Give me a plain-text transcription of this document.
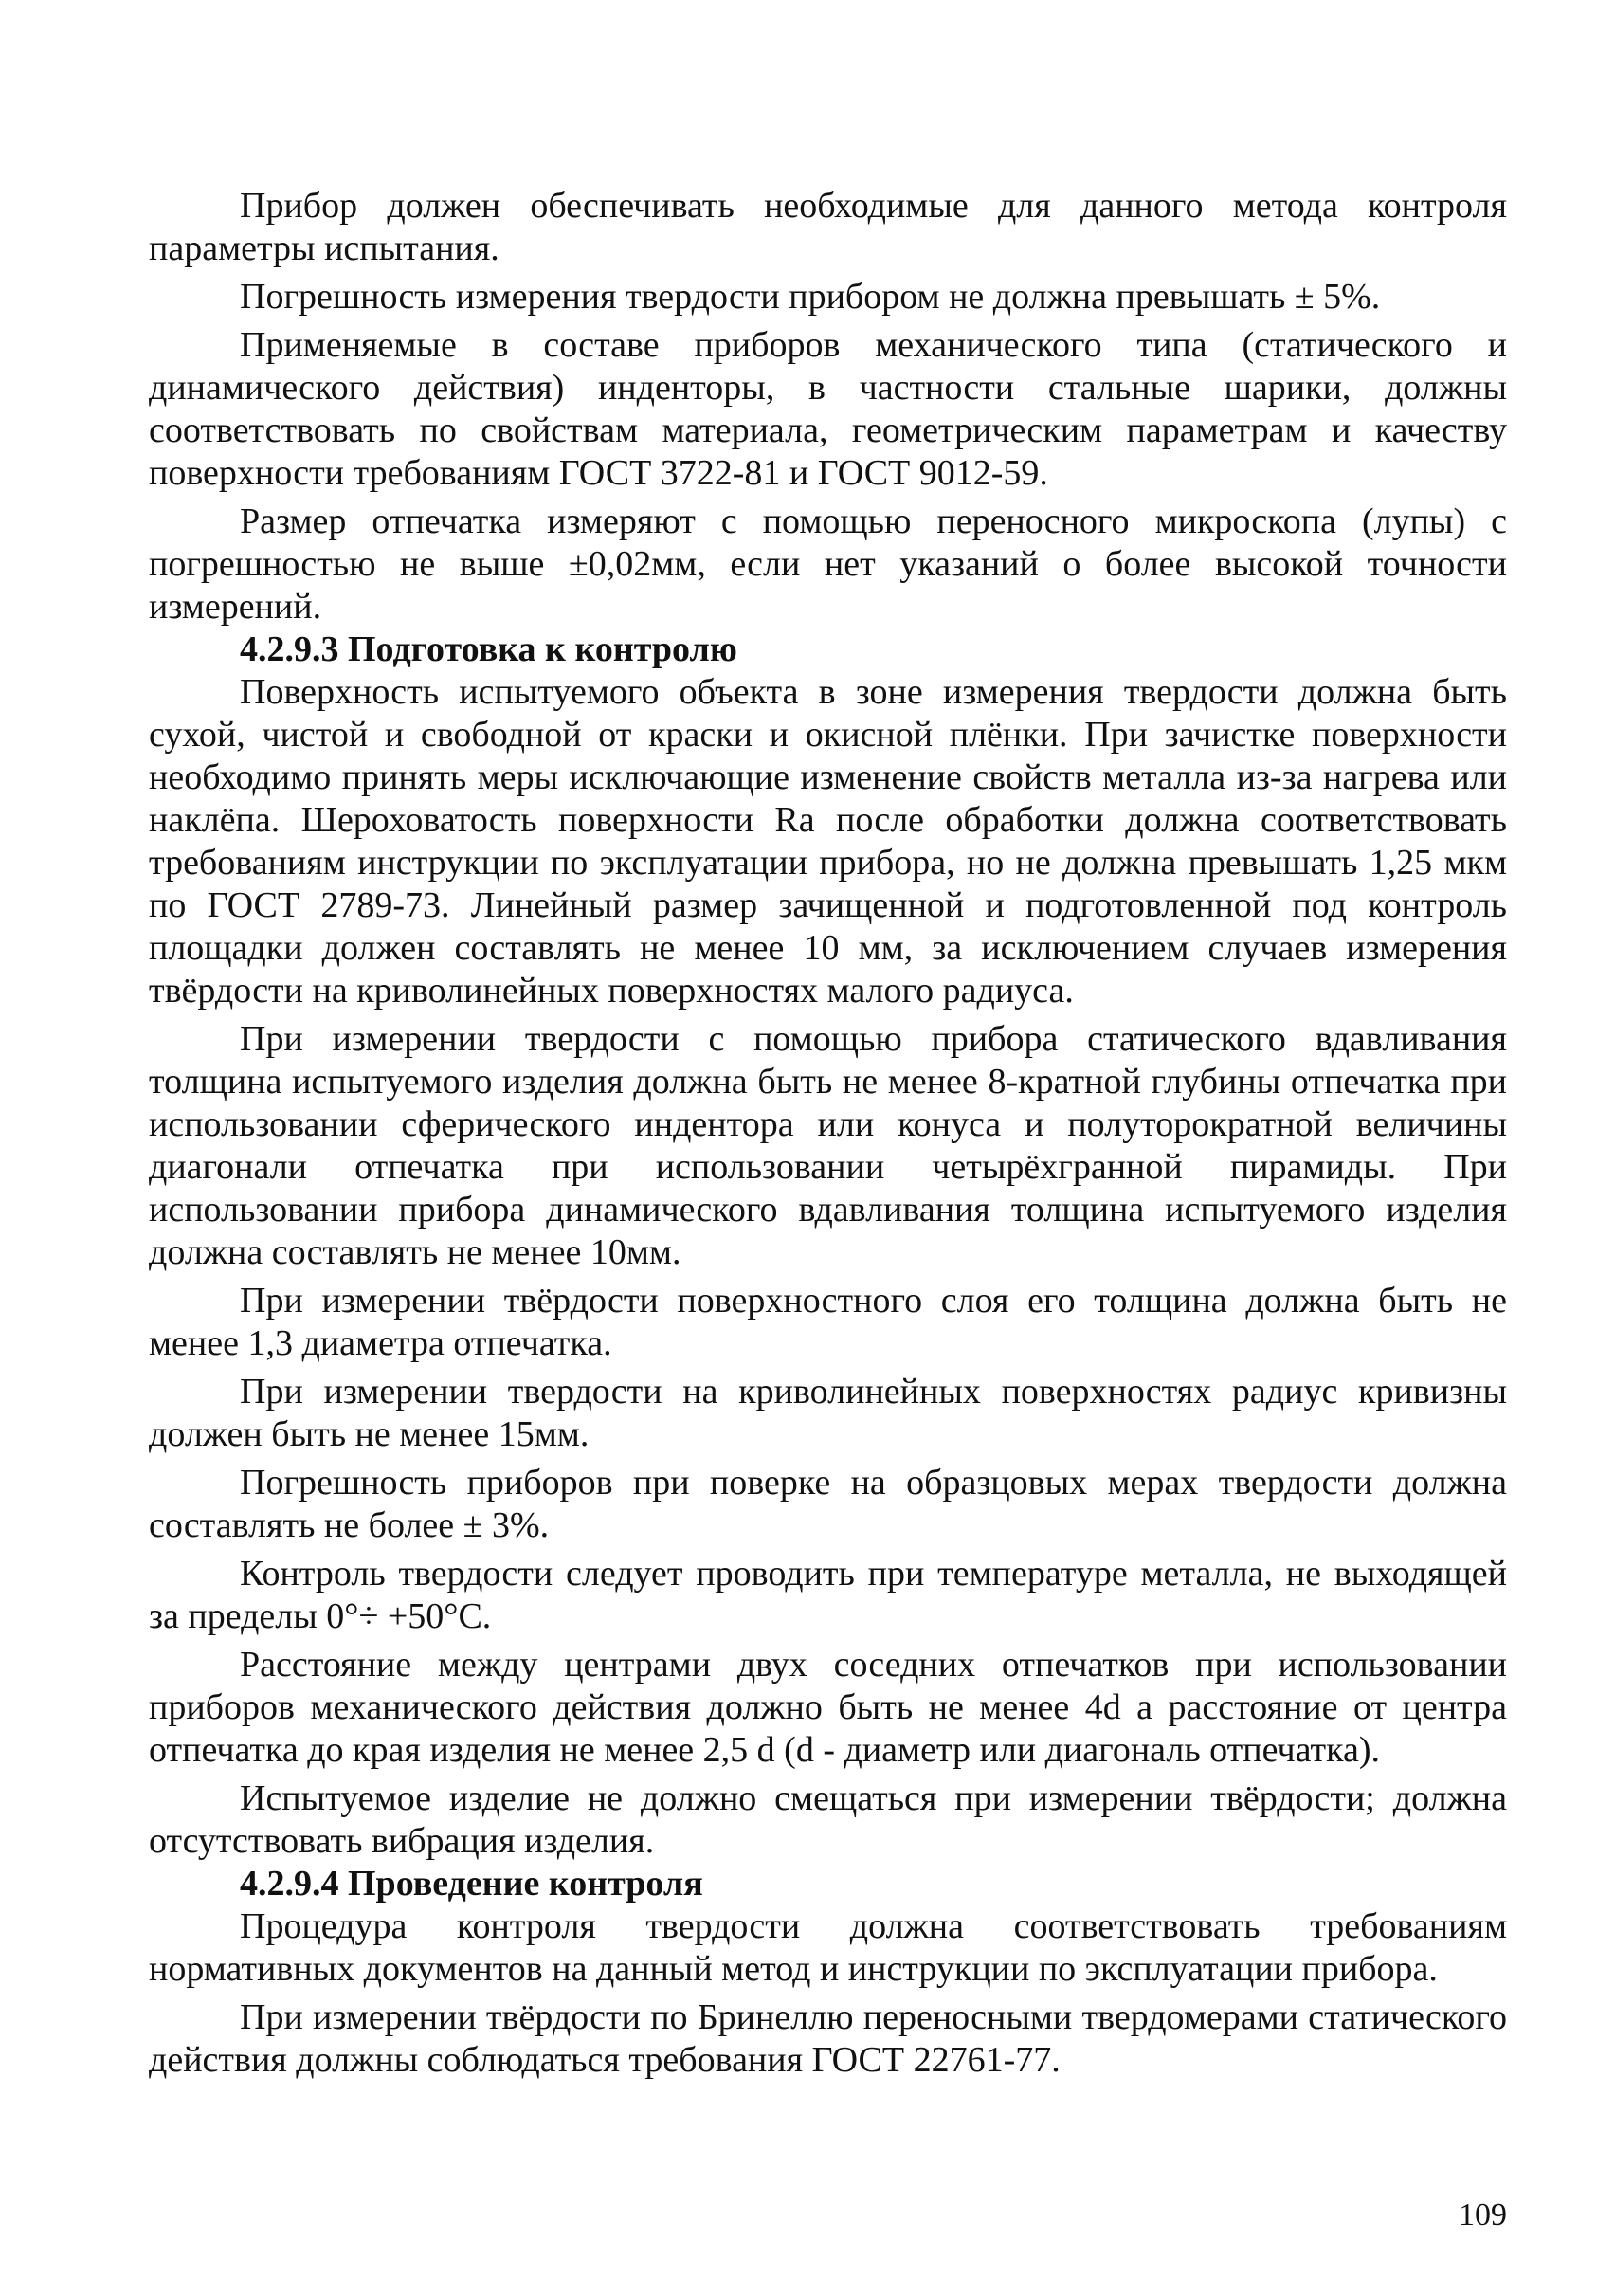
Прибор должен обеспечивать необходимые для данного метода контроля параметры испытания.

Погрешность измерения твердости прибором не должна превышать ± 5%.

Применяемые в составе приборов механического типа (статического и динамического действия) инденторы, в частности стальные шарики, должны соответствовать по свойствам материала, геометрическим параметрам и качеству поверхности требованиям ГОСТ 3722-81 и ГОСТ 9012-59.

Размер отпечатка измеряют с помощью переносного микроскопа (лупы) с погрешностью не выше ±0,02мм, если нет указаний о более высокой точности измерений.

4.2.9.3 Подготовка к контролю

Поверхность испытуемого объекта в зоне измерения твердости должна быть сухой, чистой и свободной от краски и окисной плёнки. При зачистке поверхности необходимо принять меры исключающие изменение свойств металла из-за нагрева или наклёпа. Шероховатость поверхности Ra после обработки должна соответствовать требованиям инструкции по эксплуатации прибора, но не должна превышать 1,25 мкм по ГОСТ 2789-73. Линейный размер зачищенной и подготовленной под контроль площадки должен составлять не менее 10 мм, за исключением случаев измерения твёрдости на криволинейных поверхностях малого радиуса.

При измерении твердости с помощью прибора статического вдавливания толщина испытуемого изделия должна быть не менее 8-кратной глубины отпечатка при использовании сферического индентора или конуса и полуторократной величины диагонали отпечатка при использовании четырёхгранной пирамиды. При использовании прибора динамического вдавливания толщина испытуемого изделия должна составлять не менее 10мм.

При измерении твёрдости поверхностного слоя его толщина должна быть не менее 1,3 диаметра отпечатка.

При измерении твердости на криволинейных поверхностях радиус кривизны должен быть не менее 15мм.

Погрешность приборов при поверке на образцовых мерах твердости должна составлять не более ± 3%.

Контроль твердости следует проводить при температуре металла, не выходящей за пределы 0°÷ +50°С.

Расстояние между центрами двух соседних отпечатков при использовании приборов механического действия должно быть не менее 4d а расстояние от центра отпечатка до края изделия не менее 2,5 d (d - диаметр или диагональ отпечатка).

Испытуемое изделие не должно смещаться при измерении твёрдости; должна отсутствовать вибрация изделия.

4.2.9.4 Проведение контроля

Процедура контроля твердости должна соответствовать требованиям нормативных документов на данный метод и инструкции по эксплуатации прибора.

При измерении твёрдости по Бринеллю переносными твердомерами статического действия должны соблюдаться требования ГОСТ 22761-77.

109
